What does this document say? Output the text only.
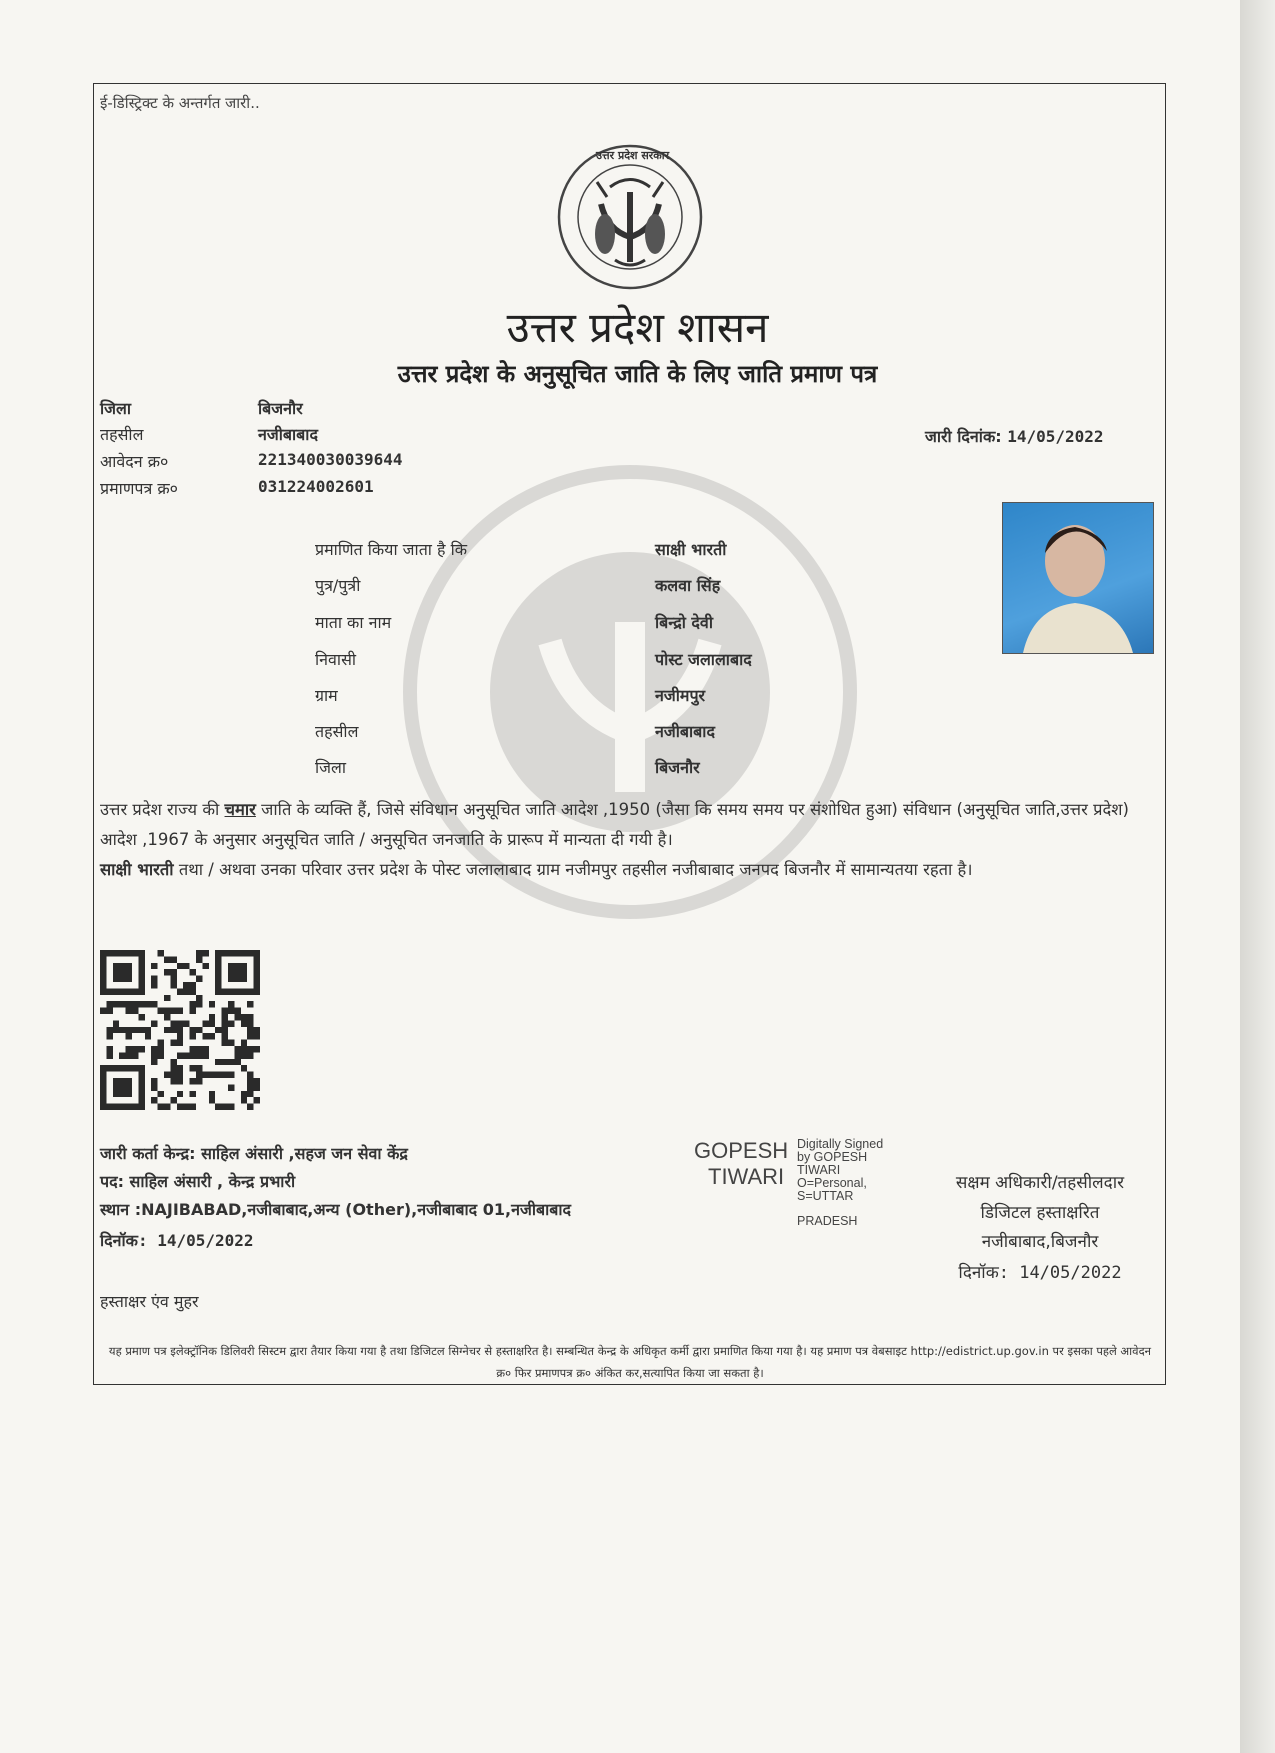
ई-डिस्ट्रिक्ट के अन्तर्गत जारी..
उत्तर प्रदेश सरकार
उत्तर प्रदेश शासन
उत्तर प्रदेश के अनुसूचित जाति के लिए जाति प्रमाण पत्र
जिला	बिजनौर
तहसील	नजीबाबाद
आवेदन क्र०	221340030039644
प्रमाणपत्र क्र०	031224002601
जारी दिनांक: 14/05/2022
प्रमाणित किया जाता है कि	साक्षी भारती
पुत्र/पुत्री	कलवा सिंह
माता का नाम	बिन्द्रो देवी
निवासी	पोस्ट जलालाबाद
ग्राम	नजीमपुर
तहसील	नजीबाबाद
जिला	बिजनौर
उत्तर प्रदेश राज्य की चमार जाति के व्यक्ति हैं, जिसे संविधान अनुसूचित जाति आदेश ,1950 (जैसा कि समय समय पर संशोधित हुआ) संविधान (अनुसूचित जाति,उत्तर प्रदेश) आदेश ,1967 के अनुसार अनुसूचित जाति / अनुसूचित जनजाति के प्रारूप में मान्यता दी गयी है।
साक्षी भारती तथा / अथवा उनका परिवार उत्तर प्रदेश के पोस्ट जलालाबाद ग्राम नजीमपुर तहसील नजीबाबाद जनपद बिजनौर में सामान्यतया रहता है।
जारी कर्ता केन्द्र: साहिल अंसारी ,सहज जन सेवा केंद्र
पद: साहिल अंसारी , केन्द्र प्रभारी
स्थान :NAJIBABAD,नजीबाबाद,अन्य (Other),नजीबाबाद 01,नजीबाबाद
दिनॉक: 14/05/2022
GOPESH
TIWARI
Digitally Signed
by GOPESH
TIWARI
O=Personal,
S=UTTAR
PRADESH
सक्षम अधिकारी/तहसीलदार
डिजिटल हस्ताक्षरित
नजीबाबाद,बिजनौर
दिनॉक: 14/05/2022
हस्ताक्षर एंव मुहर
यह प्रमाण पत्र इलेक्ट्रॉनिक डिलिवरी सिस्टम द्वारा तैयार किया गया है तथा डिजिटल सिग्नेचर से हस्ताक्षरित है। सम्बन्धित केन्द्र के अधिकृत कर्मी द्वारा प्रमाणित किया गया है। यह प्रमाण पत्र वेबसाइट http://edistrict.up.gov.in पर इसका पहले आवेदन क्र० फिर प्रमाणपत्र क्र० अंकित कर,सत्यापित किया जा सकता है।
